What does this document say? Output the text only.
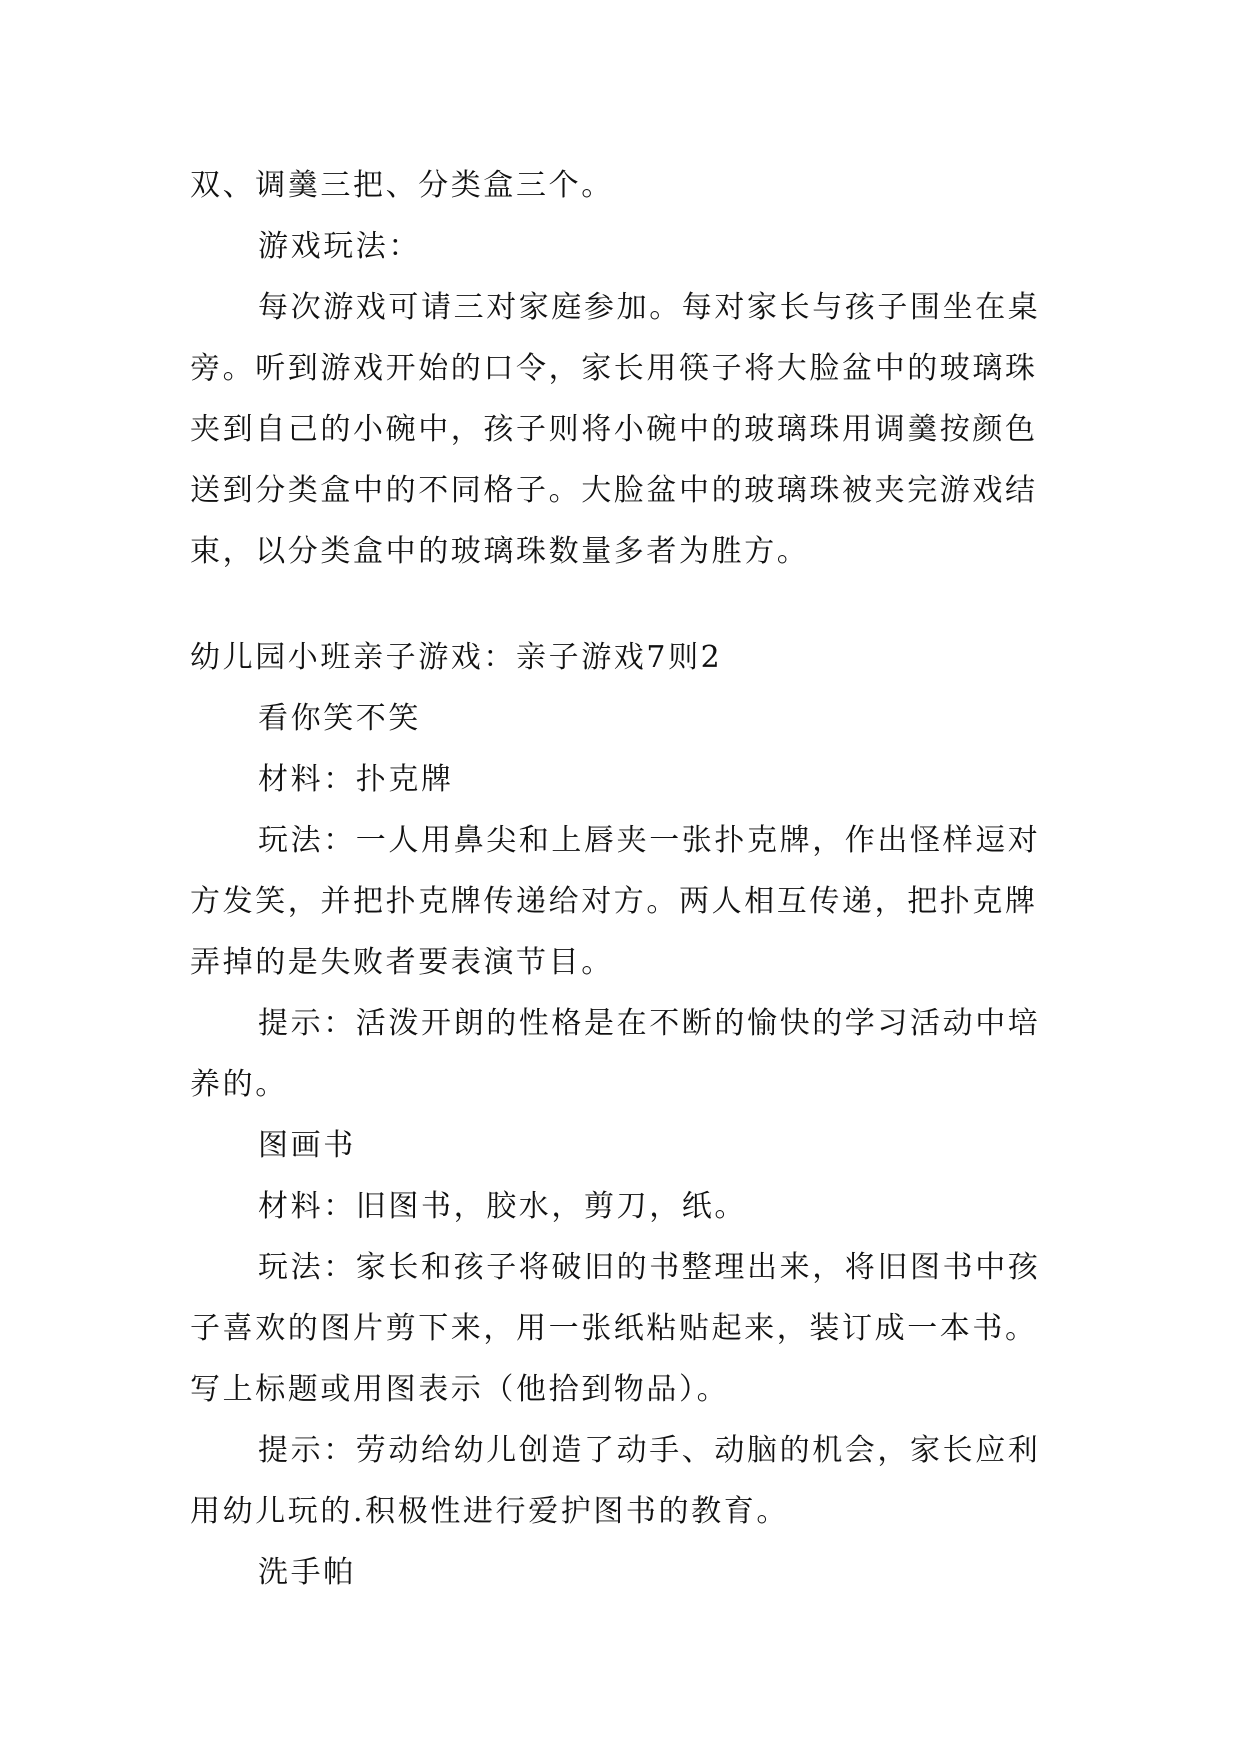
双、调羹三把、分类盒三个。
游戏玩法：
每次游戏可请三对家庭参加。每对家长与孩子围坐在桌
旁。听到游戏开始的口令，家长用筷子将大脸盆中的玻璃珠
夹到自己的小碗中，孩子则将小碗中的玻璃珠用调羹按颜色
送到分类盒中的不同格子。大脸盆中的玻璃珠被夹完游戏结
束，以分类盒中的玻璃珠数量多者为胜方。
幼儿园小班亲子游戏：亲子游戏7则2
看你笑不笑
材料：扑克牌
玩法：一人用鼻尖和上唇夹一张扑克牌，作出怪样逗对
方发笑，并把扑克牌传递给对方。两人相互传递，把扑克牌
弄掉的是失败者要表演节目。
提示：活泼开朗的性格是在不断的愉快的学习活动中培
养的。
图画书
材料：旧图书，胶水，剪刀，纸。
玩法：家长和孩子将破旧的书整理出来，将旧图书中孩
子喜欢的图片剪下来，用一张纸粘贴起来，装订成一本书。
写上标题或用图表示（他拾到物品）。
提示：劳动给幼儿创造了动手、动脑的机会，家长应利
用幼儿玩的.积极性进行爱护图书的教育。
洗手帕
